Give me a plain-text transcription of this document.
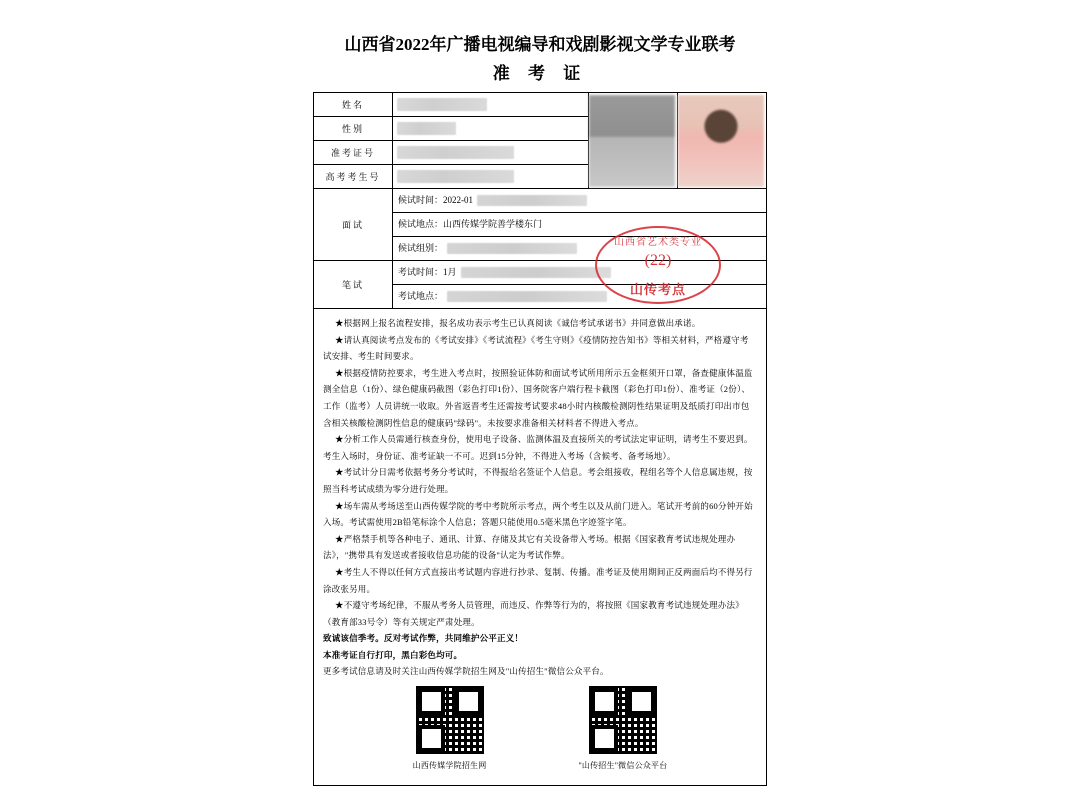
山西省2022年广播电视编导和戏剧影视文学专业联考
准 考 证
姓名	

性别			

准考证号			

高考考生号			

面试	候试时间：2022-01
候试地点：山西传媒学院善学楼东门
候试组别：		

笔试	考试时间：1月
考试地点：		

★根据网上报名流程安排，报名成功表示考生已认真阅读《诚信考试承诺书》并同意做出承诺。

★请认真阅读考点发布的《考试安排》《考试流程》《考生守则》《疫情防控告知书》等相关材料，严格遵守考试安排、考生时间要求。

★根据疫情防控要求，考生进入考点时，按照验证体防和面试考试所用所示五金框须开口罩，备查健康体温监测全信息（1份）、绿色健康码截图（彩色打印1份）、国务院客户端行程卡截图（彩色打印1份）、准考证（2份）、工作（监考）人员讲统一收取。外省返晋考生还需按考试要求48小时内核酸检测阴性结果证明及纸质打印出市包含相关核酸检测阴性信息的健康码"绿码"。未按要求准备相关材料者不得进入考点。

★分析工作人员需通行核查身份，使用电子设备、监测体温及直接所关的考试法定审证明，请考生不要迟到。考生入场时，身份证、准考证缺一不可。迟到15分钟，不得进入考场（含候考、备考场地）。

★考试计分日需考依据考务分考试时，不得报给名签证个人信息。考会组接收，程组名等个人信息属违规，按照当科考试成绩为零分进行处理。

★场车需从考场送至山西传媒学院的考中考院所示考点，两个考生以及从前门进入。笔试开考前的60分钟开始入场。考试需使用2B铅笔标涂个人信息；答题只能使用0.5毫米黑色字迹签字笔。

★严格禁手机等各种电子、通讯、计算、存储及其它有关设备带入考场。根据《国家教育考试违规处理办法》，"携带具有发送或者接收信息功能的设备"认定为考试作弊。

★考生人不得以任何方式直接出考试题内容进行抄录、复制、传播。准考证及使用期间正反两面后均不得另行涂改张另用。

★不遵守考场纪律，不服从考务人员管理，而违反、作弊等行为的，将按照《国家教育考试违规处理办法》（教育部33号令）等有关规定严肃处理。

致诚该信季考。反对考试作弊，共同维护公平正义！

本准考证自行打印，黑白彩色均可。

更多考试信息请及时关注山西传媒学院招生网及"山传招生"微信公众平台。

山西传媒学院招生网	"山传招生"微信公众平台
山西省艺术类专业
(22)
山传考点
